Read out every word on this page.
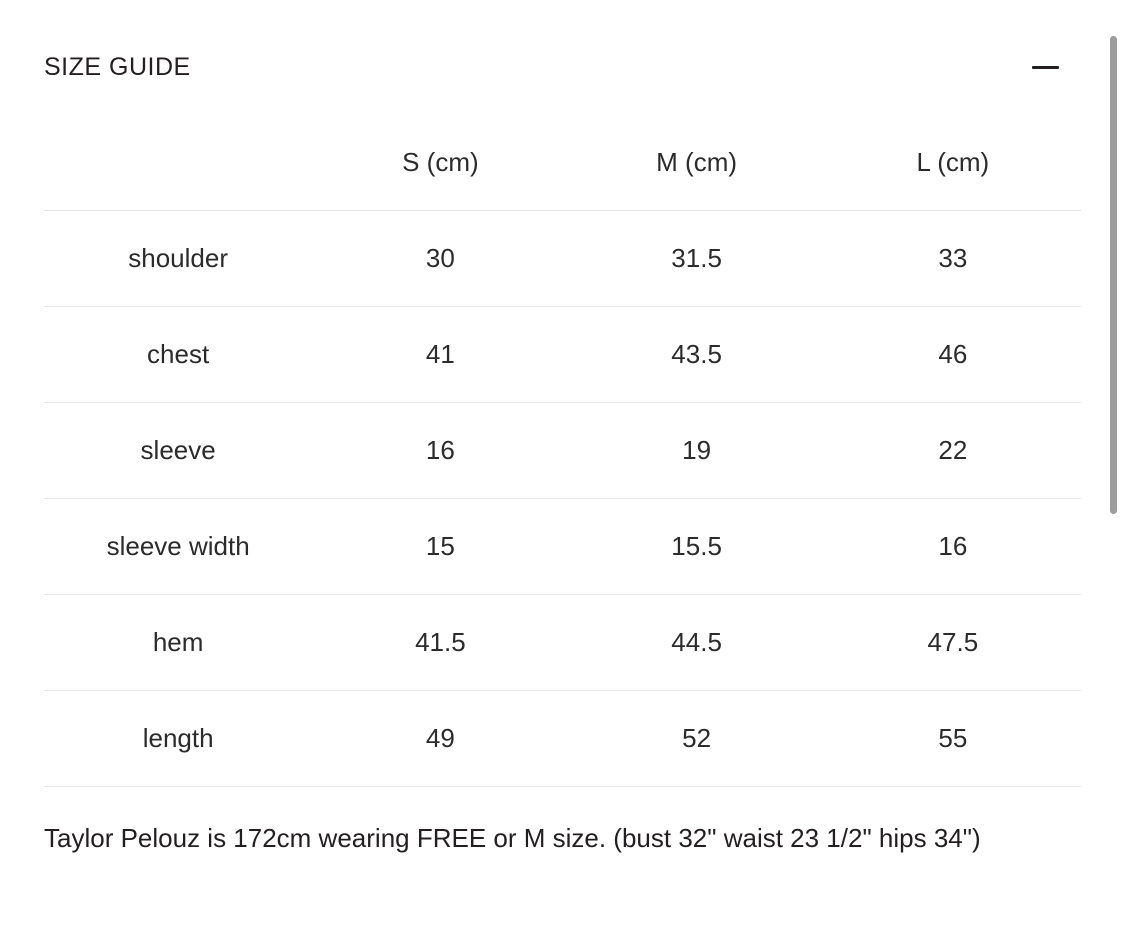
SIZE GUIDE
	S (cm)	M (cm)	L (cm)
shoulder	30	31.5	33
chest	41	43.5	46
sleeve	16	19	22
sleeve width	15	15.5	16
hem	41.5	44.5	47.5
length	49	52	55
Taylor Pelouz is 172cm wearing FREE or M size. (bust 32" waist 23 1/2" hips 34")
